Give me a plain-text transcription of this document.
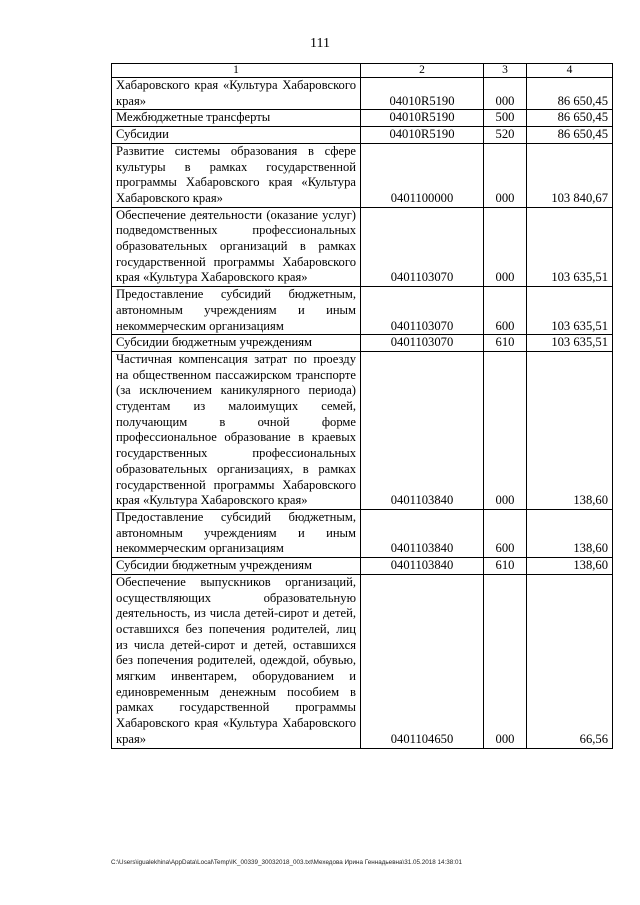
111
1	2	3	4
Хабаровского края «Культура Хабаровского края»	04010R5190	000	86 650,45
Межбюджетные трансферты	04010R5190	500	86 650,45
Субсидии	04010R5190	520	86 650,45
Развитие системы образования в сфере культуры в рамках государственной программы Хабаровского края «Культура Хабаровского края»	0401100000	000	103 840,67
Обеспечение деятельности (оказание услуг) подведомственных профессиональных образовательных организаций в рамках государственной программы Хабаровского края «Культура Хабаровского края»	0401103070	000	103 635,51
Предоставление субсидий бюджетным, автономным учреждениям и иным некоммерческим организациям	0401103070	600	103 635,51
Субсидии бюджетным учреждениям	0401103070	610	103 635,51
Частичная компенсация затрат по проезду на общественном пассажирском транспорте (за исключением каникулярного периода) студентам из малоимущих семей, получающим в очной форме профессиональное образование в краевых государственных профессиональных образовательных организациях, в рамках государственной программы Хабаровского края «Культура Хабаровского края»	0401103840	000	138,60
Предоставление субсидий бюджетным, автономным учреждениям и иным некоммерческим организациям	0401103840	600	138,60
Субсидии бюджетным учреждениям	0401103840	610	138,60
Обеспечение выпускников организаций, осуществляющих образовательную деятельность, из числа детей-сирот и детей, оставшихся без попечения родителей, лиц из числа детей-сирот и детей, оставшихся без попечения родителей, одеждой, обувью, мягким инвентарем, оборудованием и единовременным денежным пособием в рамках государственной программы Хабаровского края «Культура Хабаровского края»	0401104650	000	66,56
C:\Users\igualekhina\AppData\Local\Temp\IK_00339_30032018_003.txt\Мехедова Ирина Геннадьевна\31.05.2018 14:38:01
